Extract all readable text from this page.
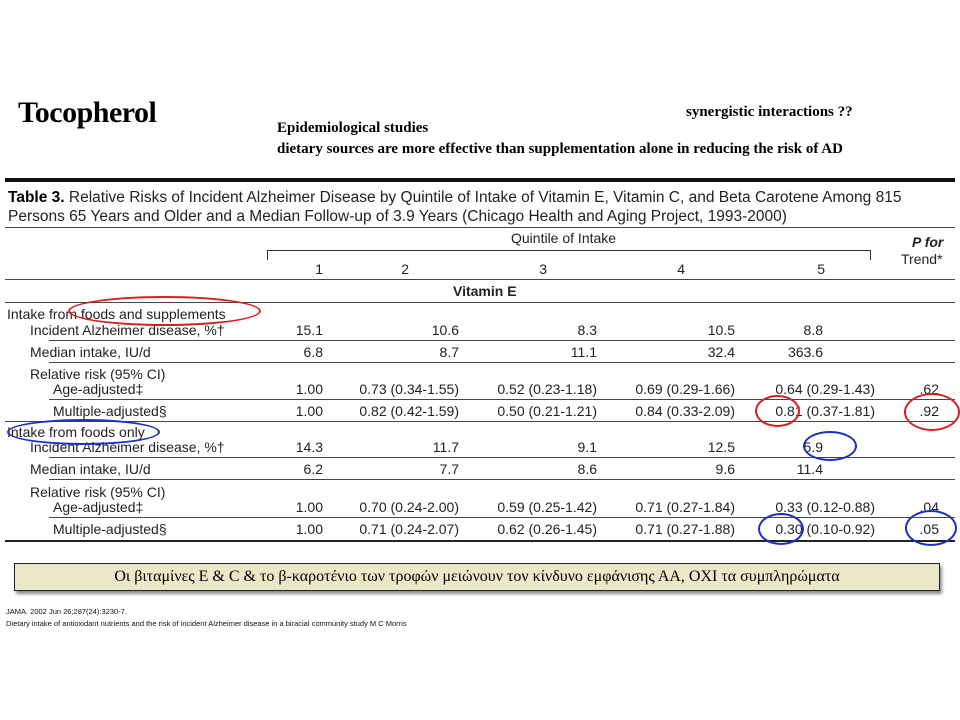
Tocopherol	synergistic interactions ??
Epidemiological studies
dietary sources are more effective than supplementation alone in reducing the risk of AD
Table 3. Relative Risks of Incident Alzheimer Disease by Quintile of Intake of Vitamin E, Vitamin C, and Beta Carotene Among 815 Persons 65 Years and Older and a Median Follow-up of 3.9 Years (Chicago Health and Aging Project, 1993-2000)
Quintile of Intake	P for
Trend*
1	2	3	4	5
Vitamin E
Intake from foods and supplements
Incident Alzheimer disease, %†	15.1	10.6	8.3	10.5	8.8
Median intake, IU/d	6.8	8.7	11.1	32.4	363.6
Relative risk (95% CI)
Age-adjusted‡	1.00	0.73 (0.34-1.55)	0.52 (0.23-1.18)	0.69 (0.29-1.66)	0.64 (0.29-1.43)	.62
Multiple-adjusted§	1.00	0.82 (0.42-1.59)	0.50 (0.21-1.21)	0.84 (0.33-2.09)	0.81 (0.37-1.81)	.92
Intake from foods only
Incident Alzheimer disease, %†	14.3	11.7	9.1	12.5	5.9
Median intake, IU/d	6.2	7.7	8.6	9.6	11.4
Relative risk (95% CI)
Age-adjusted‡	1.00	0.70 (0.24-2.00)	0.59 (0.25-1.42)	0.71 (0.27-1.84)	0.33 (0.12-0.88)	.04
Multiple-adjusted§	1.00	0.71 (0.24-2.07)	0.62 (0.26-1.45)	0.71 (0.27-1.88)	0.30 (0.10-0.92)	.05
Οι βιταμίνες Ε & C & το β-καροτένιο των τροφών μειώνουν τον κίνδυνο εμφάνισης ΑΑ, ΟΧΙ τα συμπληρώματα
JAMA. 2002 Jun 26;287(24):3230-7.
Dietary intake of antioxidant nutrients and the risk of incident Alzheimer disease in a biracial community study M C Morris
